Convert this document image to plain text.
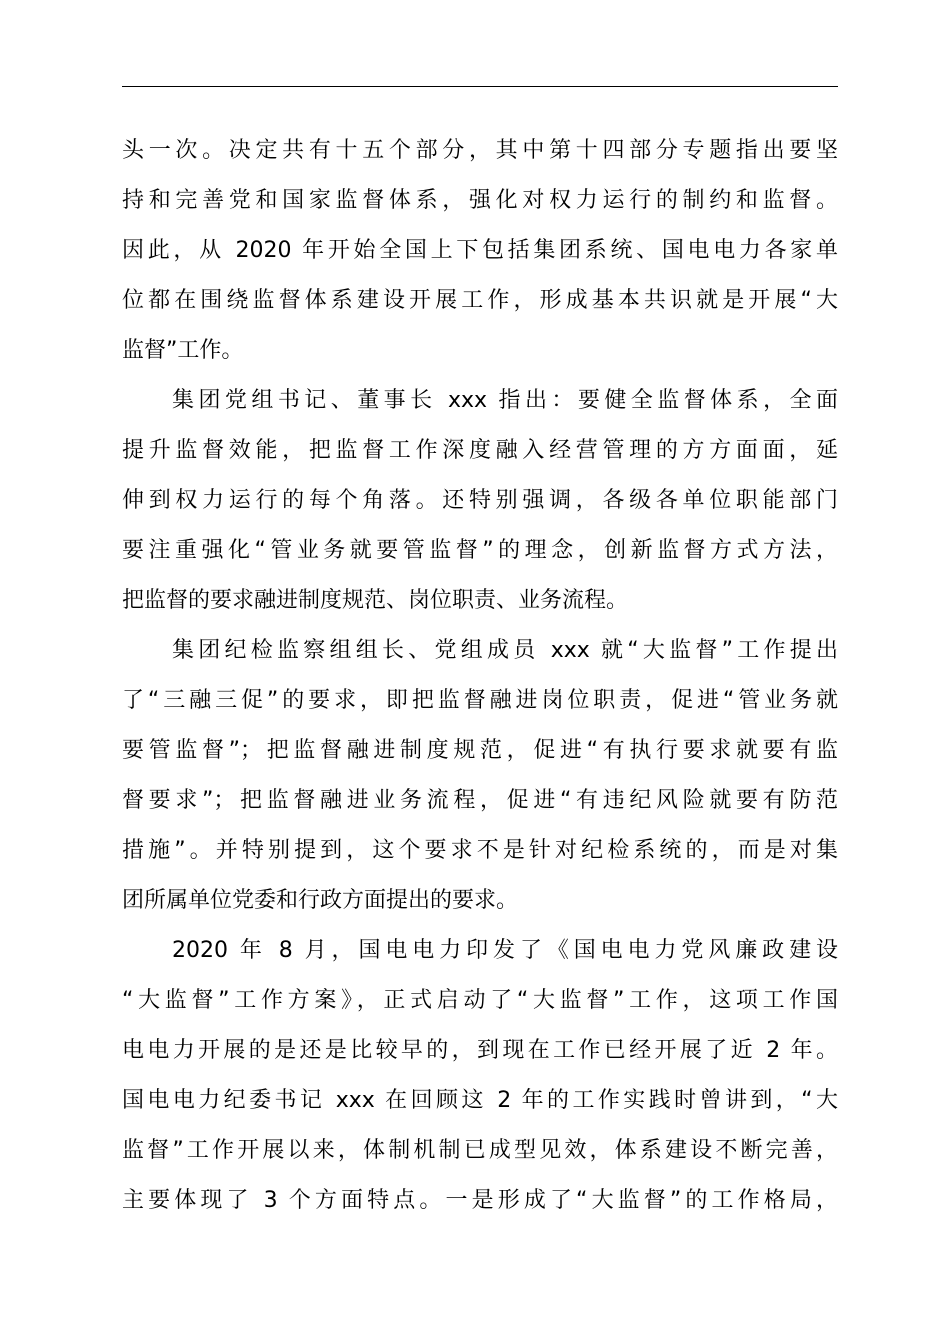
头一次。决定共有十五个部分，其中第十四部分专题指出要坚
持和完善党和国家监督体系，强化对权力运行的制约和监督。
因此，从 2020 年开始全国上下包括集团系统、国电电力各家单
位都在围绕监督体系建设开展工作，形成基本共识就是开展“大
监督”工作。
集团党组书记、董事长 xxx 指出：要健全监督体系，全面
提升监督效能，把监督工作深度融入经营管理的方方面面，延
伸到权力运行的每个角落。还特别强调，各级各单位职能部门
要注重强化“管业务就要管监督”的理念，创新监督方式方法，
把监督的要求融进制度规范、岗位职责、业务流程。
集团纪检监察组组长、党组成员 xxx 就“大监督”工作提出
了“三融三促”的要求，即把监督融进岗位职责，促进“管业务就
要管监督”；把监督融进制度规范，促进“有执行要求就要有监
督要求”；把监督融进业务流程，促进“有违纪风险就要有防范
措施”。并特别提到，这个要求不是针对纪检系统的，而是对集
团所属单位党委和行政方面提出的要求。
2020 年 8 月，国电电力印发了《国电电力党风廉政建设
“大监督”工作方案》，正式启动了“大监督”工作，这项工作国
电电力开展的是还是比较早的，到现在工作已经开展了近 2 年。
国电电力纪委书记 xxx 在回顾这 2 年的工作实践时曾讲到，“大
监督”工作开展以来，体制机制已成型见效，体系建设不断完善，
主要体现了 3 个方面特点。一是形成了“大监督”的工作格局，
